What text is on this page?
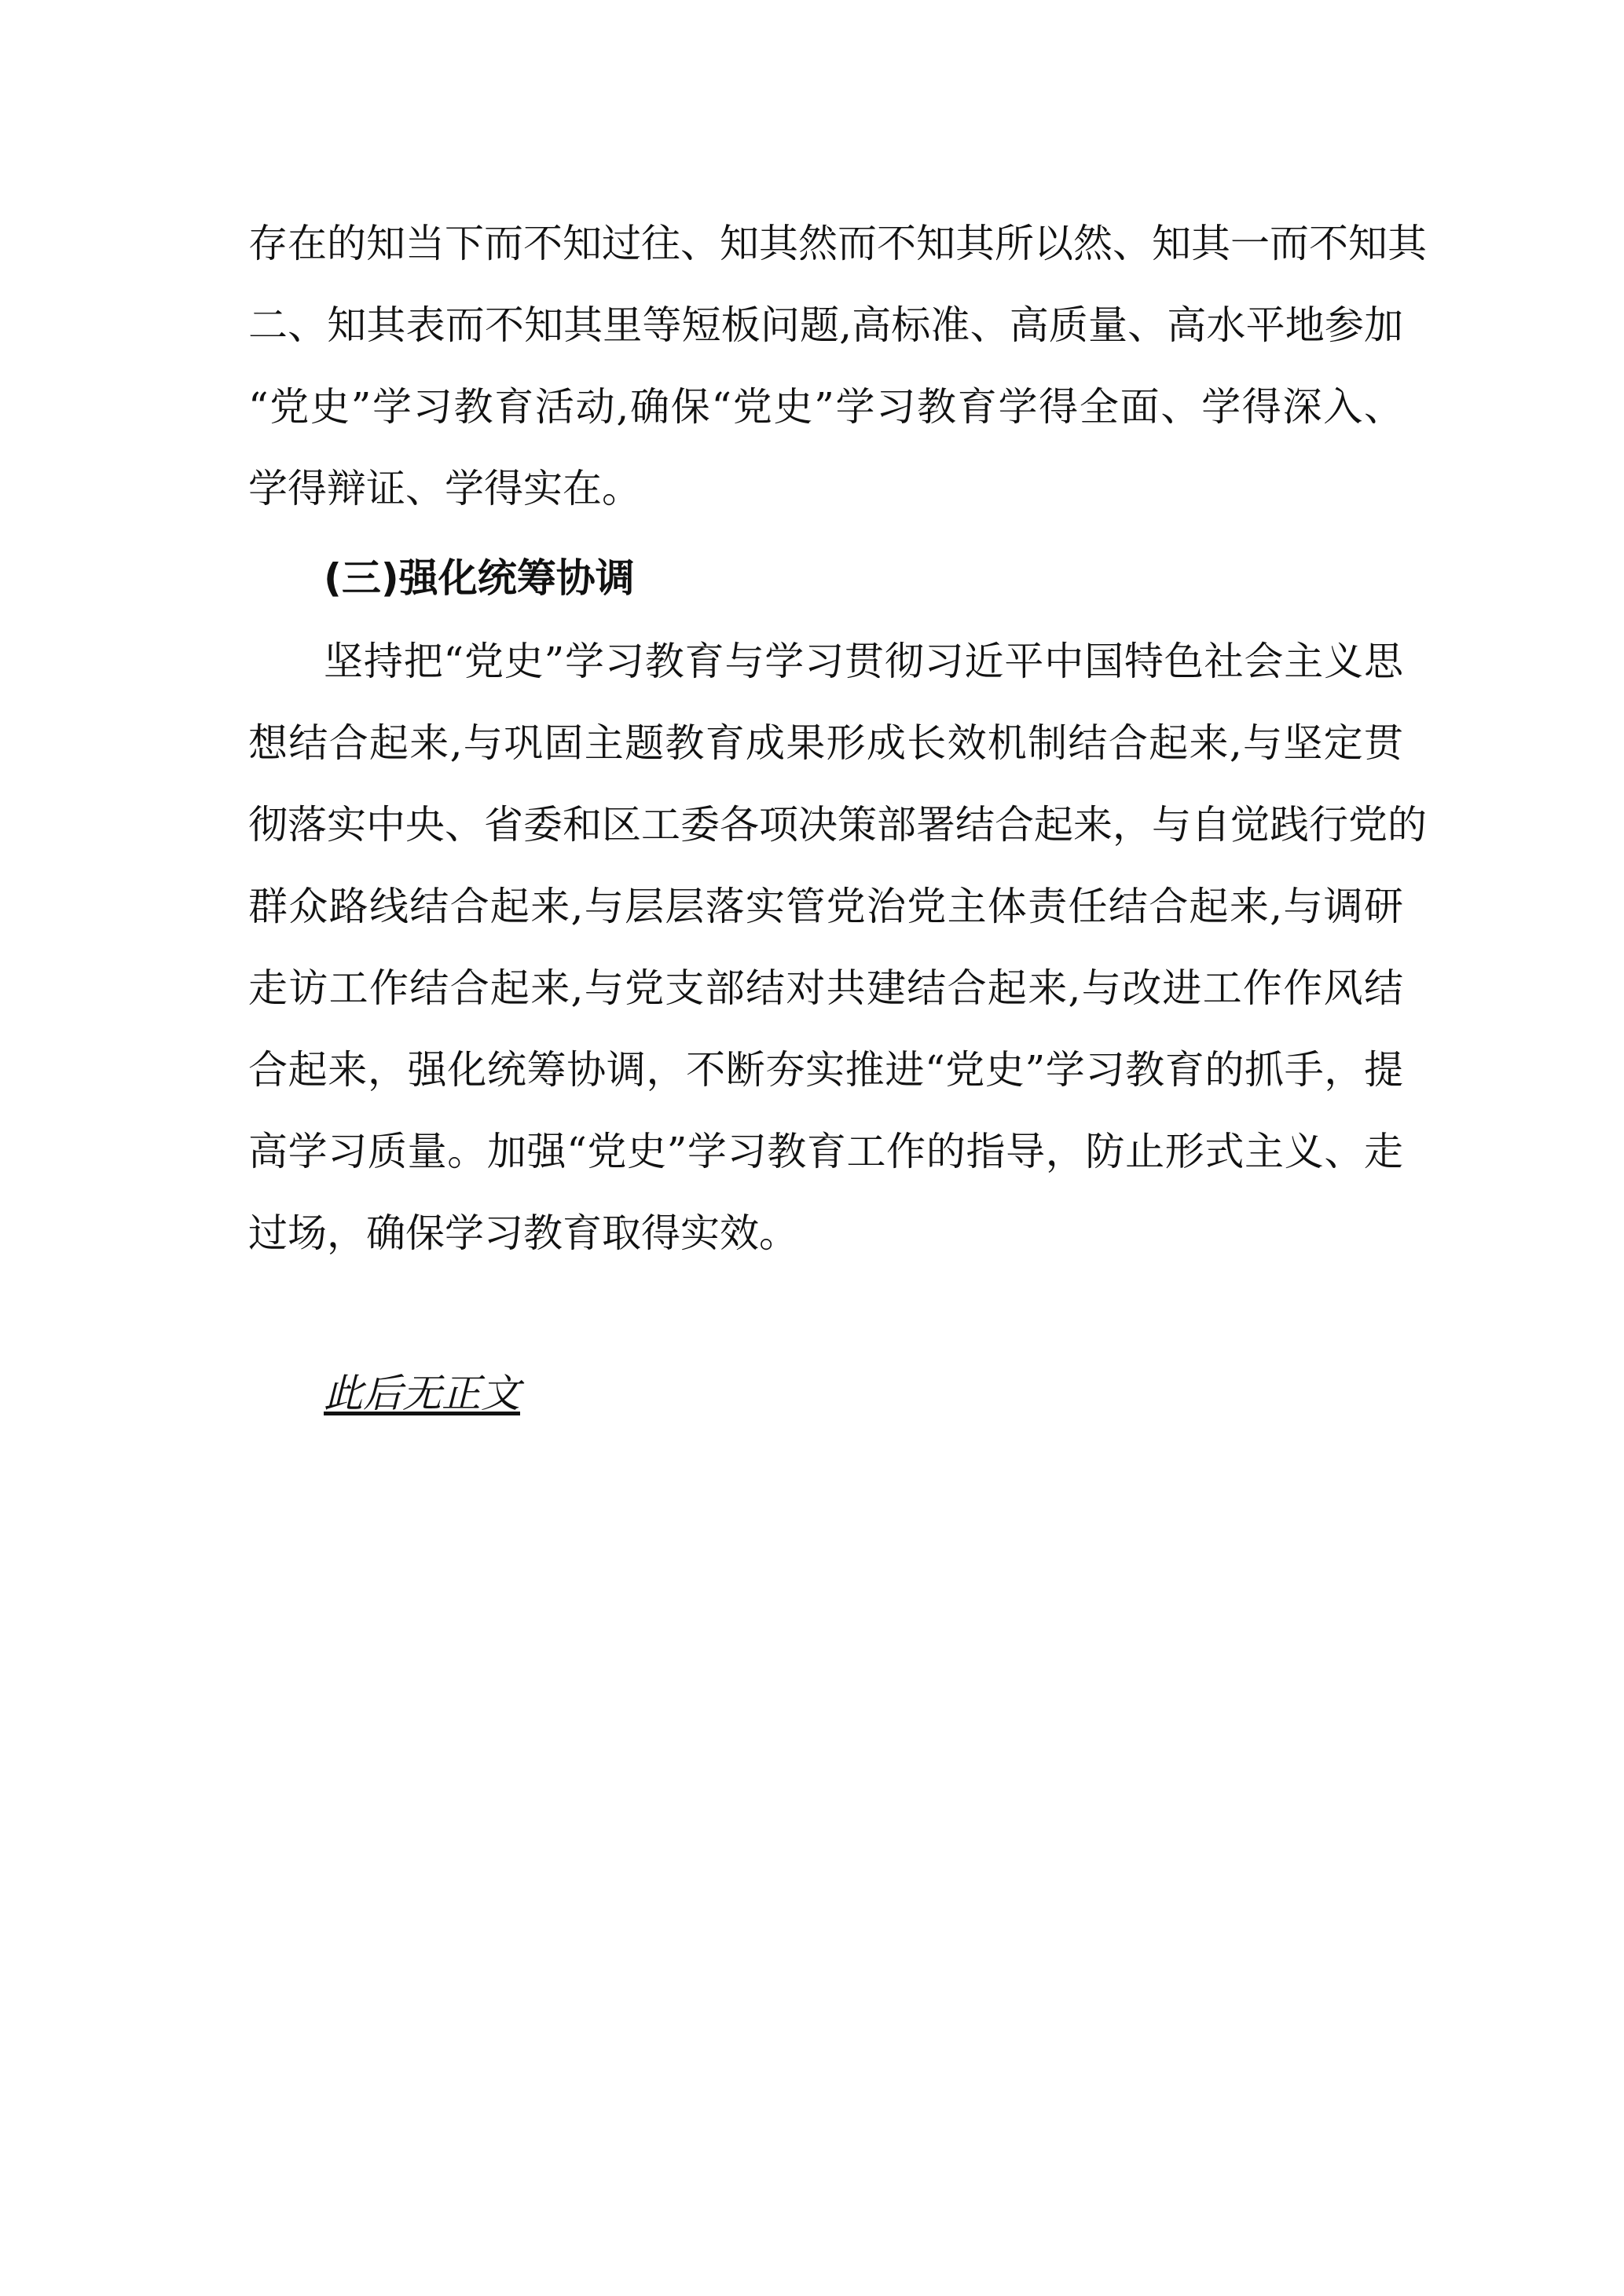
存在的知当下而不知过往、知其然而不知其所以然、知其一而不知其
二、知其表而不知其里等短板问题,高标准、高质量、高水平地参加
“党史”学习教育活动,确保“党史”学习教育学得全面、学得深入、
学得辩证、学得实在。
(三)强化统筹协调
坚持把“党史”学习教育与学习贯彻习近平中国特色社会主义思
想结合起来,与巩固主题教育成果形成长效机制结合起来,与坚定贯
彻落实中央、省委和区工委各项决策部署结合起来，与自觉践行党的
群众路线结合起来,与层层落实管党治党主体责任结合起来,与调研
走访工作结合起来,与党支部结对共建结合起来,与改进工作作风结
合起来，强化统筹协调，不断夯实推进“党史”学习教育的抓手，提
高学习质量。加强“党史”学习教育工作的指导，防止形式主义、走
过场，确保学习教育取得实效。
此后无正文
